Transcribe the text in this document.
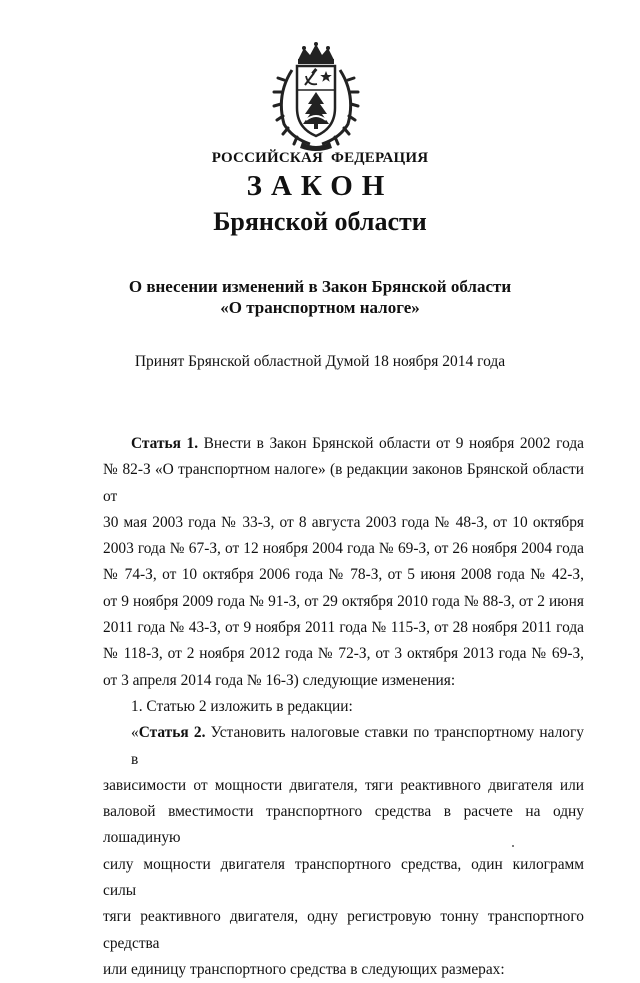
РОССИЙСКАЯ ФЕДЕРАЦИЯ
ЗАКОН
Брянской области
О внесении изменений в Закон Брянской области
«О транспортном налоге»
Принят Брянской областной Думой 18 ноября 2014 года

Статья 1. Внести в Закон Брянской области от 9 ноября 2002 года
№ 82-З «О транспортном налоге» (в редакции законов Брянской области от
30 мая 2003 года № 33-З, от 8 августа 2003 года № 48-З, от 10 октября
2003 года № 67-З, от 12 ноября 2004 года № 69-З, от 26 ноября 2004 года
№ 74-З, от 10 октября 2006 года № 78-З, от 5 июня 2008 года № 42-З,
от 9 ноября 2009 года № 91-З, от 29 октября 2010 года № 88-З, от 2 июня
2011 года № 43-З, от 9 ноября 2011 года № 115-З, от 28 ноября 2011 года
№ 118-З, от 2 ноября 2012 года № 72-З, от 3 октября 2013 года № 69-З,
от 3 апреля 2014 года № 16-З) следующие изменения:

1. Статью 2 изложить в редакции:

«Статья 2. Установить налоговые ставки по транспортному налогу в
зависимости от мощности двигателя, тяги реактивного двигателя или
валовой вместимости транспортного средства в расчете на одну лошадиную
силу мощности двигателя транспортного средства, один килограмм силы
тяги реактивного двигателя, одну регистровую тонну транспортного средства
или единицу транспортного средства в следующих размерах:
